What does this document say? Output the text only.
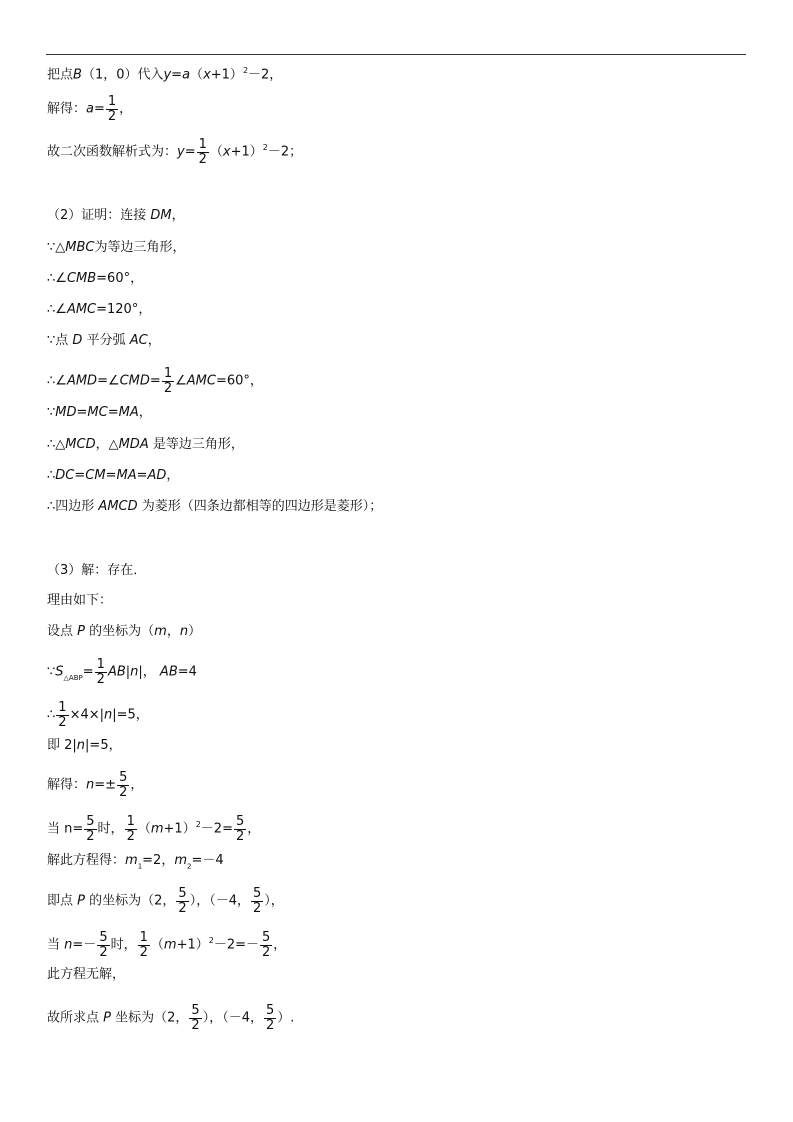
把点B（1，0）代入$y=a(x+1)^2-2$，
解得：$a= \frac{1}{2}$ ，
故二次函数解析式为：$y= \frac{1}{2} (x+1)^2-2$；
（2）证明：连接 DM，
∵△MBC为等边三角形，
∴∠CMB=60°，
∴∠AMC=120°，
∵点 D 平分弧 AC，
∴∠AMD=∠CMD= $\frac{1}{2}$ ∠AMC=60°，
∵MD=MC=MA，
∴△MCD，△MDA 是等边三角形，
∴DC=CM=MA=AD，
∴四边形 AMCD 为菱形（四条边都相等的四边形是菱形）；
（3）解：存在．
理由如下：
设点 P 的坐标为（m，n）
$\because S_{\triangle ABP}= \frac{1}{2} AB|n|$， AB=4
∴ $\frac{1}{2} \times 4\times|n|=5$，
即 2|n|=5，
解得：$n=\pm \frac{5}{2}$ ，
当 $n= \frac{5}{2}$ 时， $\frac{1}{2} (m+1)^2-2= \frac{5}{2}$ ，
解此方程得：$m_1=2$，$m_2=-4$
即点 P 的坐标为（2， $\frac{5}{2}$ ），（－4， $\frac{5}{2}$ ），
当 $n=- \frac{5}{2}$ 时， $\frac{1}{2} (m+1)^2-2=- \frac{5}{2}$ ，
此方程无解，
故所求点 P 坐标为（2， $\frac{5}{2}$ ），（－4， $\frac{5}{2}$ ）.
